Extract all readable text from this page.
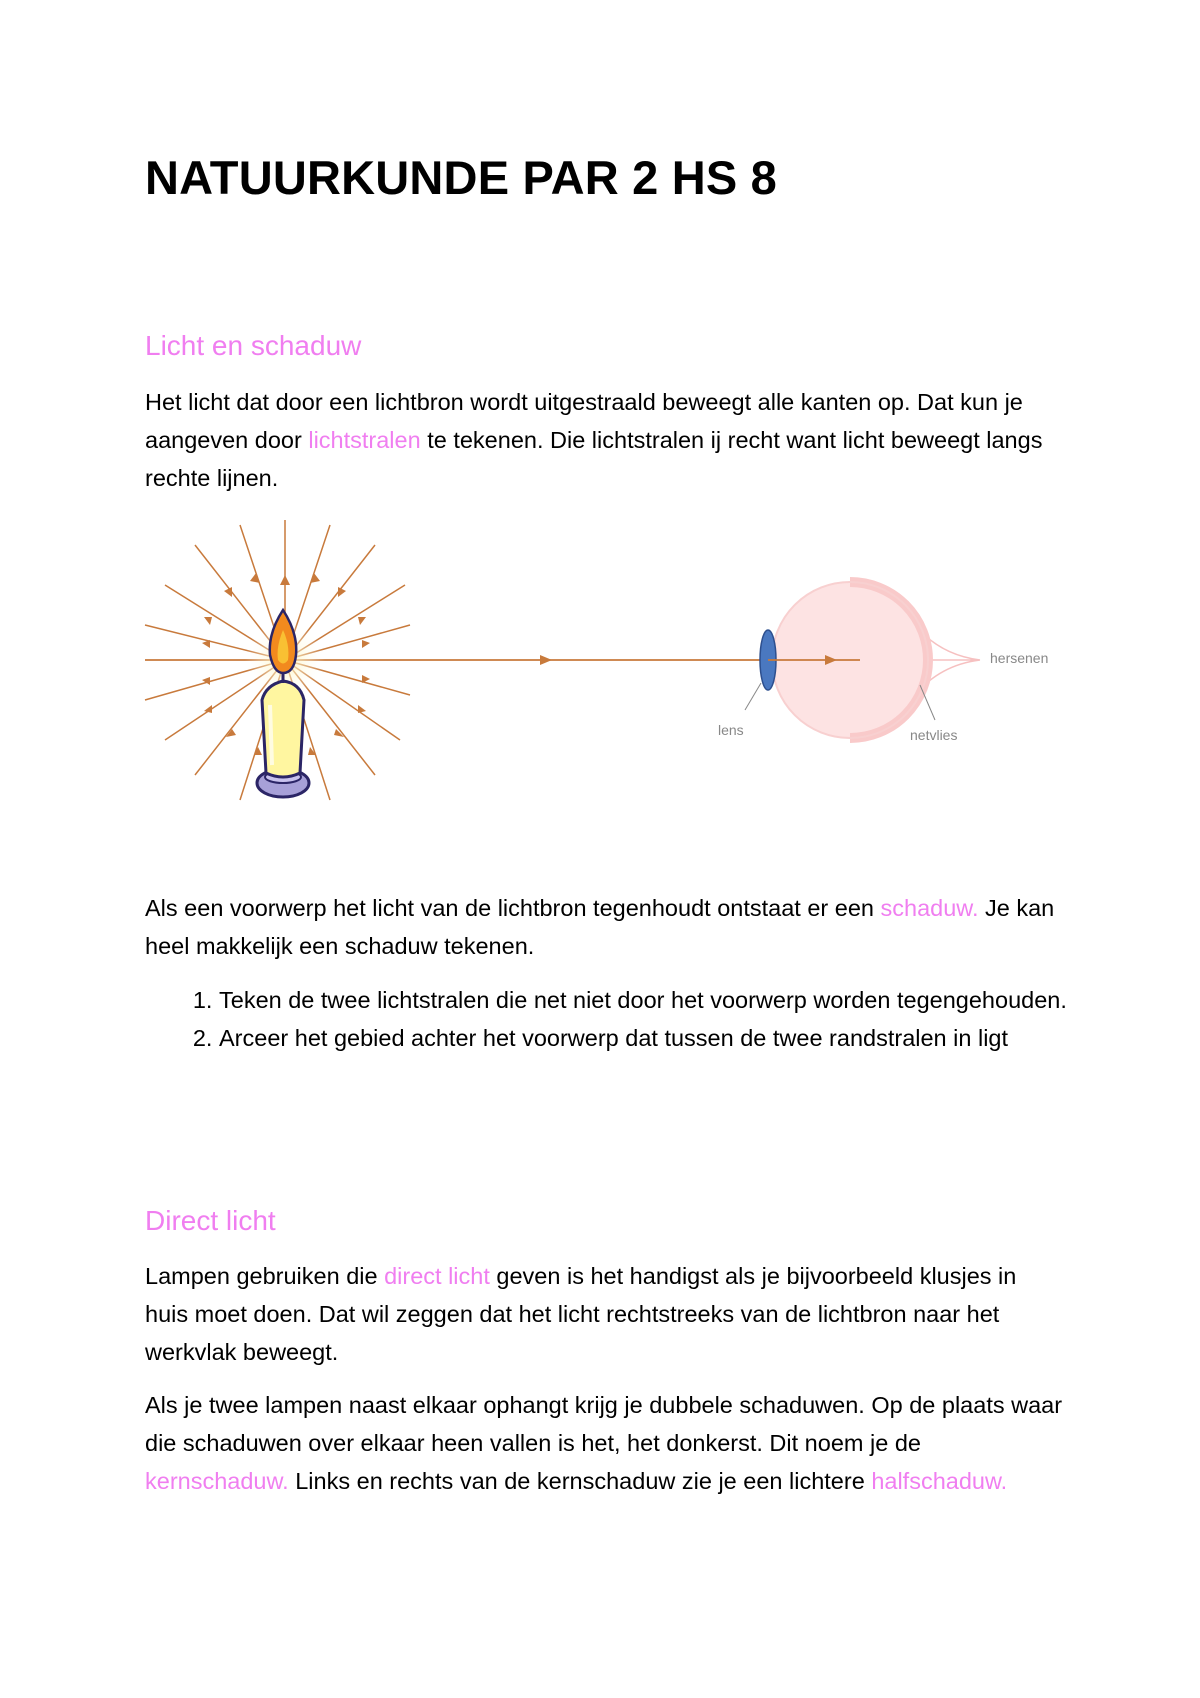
NATUURKUNDE PAR 2 HS 8
Licht en schaduw

Het licht dat door een lichtbron wordt uitgestraald beweegt alle kanten op. Dat kun je aangeven door lichtstralen te tekenen. Die lichtstralen ij recht want licht beweegt langs rechte lijnen.

hersenen
lens	netvlies

Als een voorwerp het licht van de lichtbron tegenhoudt ontstaat er een schaduw. Je kan heel makkelijk een schaduw tekenen.

1. Teken de twee lichtstralen die net niet door het voorwerp worden tegengehouden.
2. Arceer het gebied achter het voorwerp dat tussen de twee randstralen in ligt
Direct licht

Lampen gebruiken die direct licht geven is het handigst als je bijvoorbeeld klusjes in huis moet doen. Dat wil zeggen dat het licht rechtstreeks van de lichtbron naar het werkvlak beweegt.

Als je twee lampen naast elkaar ophangt krijg je dubbele schaduwen. Op de plaats waar die schaduwen over elkaar heen vallen is het, het donkerst. Dit noem je de kernschaduw. Links en rechts van de kernschaduw zie je een lichtere halfschaduw.
